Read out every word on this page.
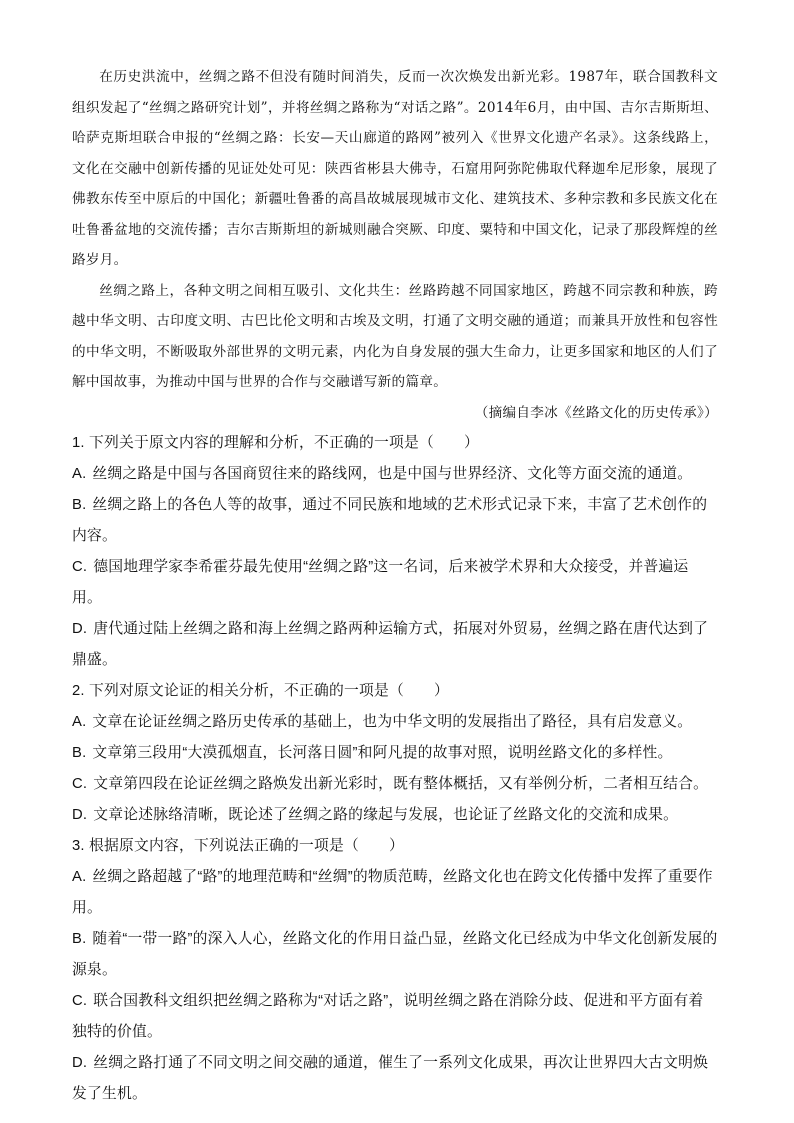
在历史洪流中，丝绸之路不但没有随时间消失，反而一次次焕发出新光彩。1987年，联合国教科文组织发起了“丝绸之路研究计划”，并将丝绸之路称为“对话之路”。2014年6月，由中国、吉尔吉斯斯坦、哈萨克斯坦联合申报的“丝绸之路：长安—天山廊道的路网”被列入《世界文化遗产名录》。这条线路上，文化在交融中创新传播的见证处处可见：陕西省彬县大佛寺，石窟用阿弥陀佛取代释迦牟尼形象，展现了佛教东传至中原后的中国化；新疆吐鲁番的高昌故城展现城市文化、建筑技术、多种宗教和多民族文化在吐鲁番盆地的交流传播；吉尔吉斯斯坦的新城则融合突厥、印度、粟特和中国文化，记录了那段辉煌的丝路岁月。

丝绸之路上，各种文明之间相互吸引、文化共生：丝路跨越不同国家地区，跨越不同宗教和种族，跨越中华文明、古印度文明、古巴比伦文明和古埃及文明，打通了文明交融的通道；而兼具开放性和包容性的中华文明，不断吸取外部世界的文明元素，内化为自身发展的强大生命力，让更多国家和地区的人们了解中国故事，为推动中国与世界的合作与交融谱写新的篇章。

（摘编自李冰《丝路文化的历史传承》）

1. 下列关于原文内容的理解和分析，不正确的一项是（　　）

A. 丝绸之路是中国与各国商贸往来的路线网，也是中国与世界经济、文化等方面交流的通道。

B. 丝绸之路上的各色人等的故事，通过不同民族和地域的艺术形式记录下来，丰富了艺术创作的内容。

C. 德国地理学家李希霍芬最先使用“丝绸之路”这一名词，后来被学术界和大众接受，并普遍运用。

D. 唐代通过陆上丝绸之路和海上丝绸之路两种运输方式，拓展对外贸易，丝绸之路在唐代达到了鼎盛。

2. 下列对原文论证的相关分析，不正确的一项是（　　）

A. 文章在论证丝绸之路历史传承的基础上，也为中华文明的发展指出了路径，具有启发意义。

B. 文章第三段用“大漠孤烟直，长河落日圆”和阿凡提的故事对照，说明丝路文化的多样性。

C. 文章第四段在论证丝绸之路焕发出新光彩时，既有整体概括，又有举例分析，二者相互结合。

D. 文章论述脉络清晰，既论述了丝绸之路的缘起与发展，也论证了丝路文化的交流和成果。

3. 根据原文内容，下列说法正确的一项是（　　）

A. 丝绸之路超越了“路”的地理范畴和“丝绸”的物质范畴，丝路文化也在跨文化传播中发挥了重要作用。

B. 随着“一带一路”的深入人心，丝路文化的作用日益凸显，丝路文化已经成为中华文化创新发展的源泉。

C. 联合国教科文组织把丝绸之路称为“对话之路”，说明丝绸之路在消除分歧、促进和平方面有着独特的价值。

D. 丝绸之路打通了不同文明之间交融的通道，催生了一系列文化成果，再次让世界四大古文明焕发了生机。
